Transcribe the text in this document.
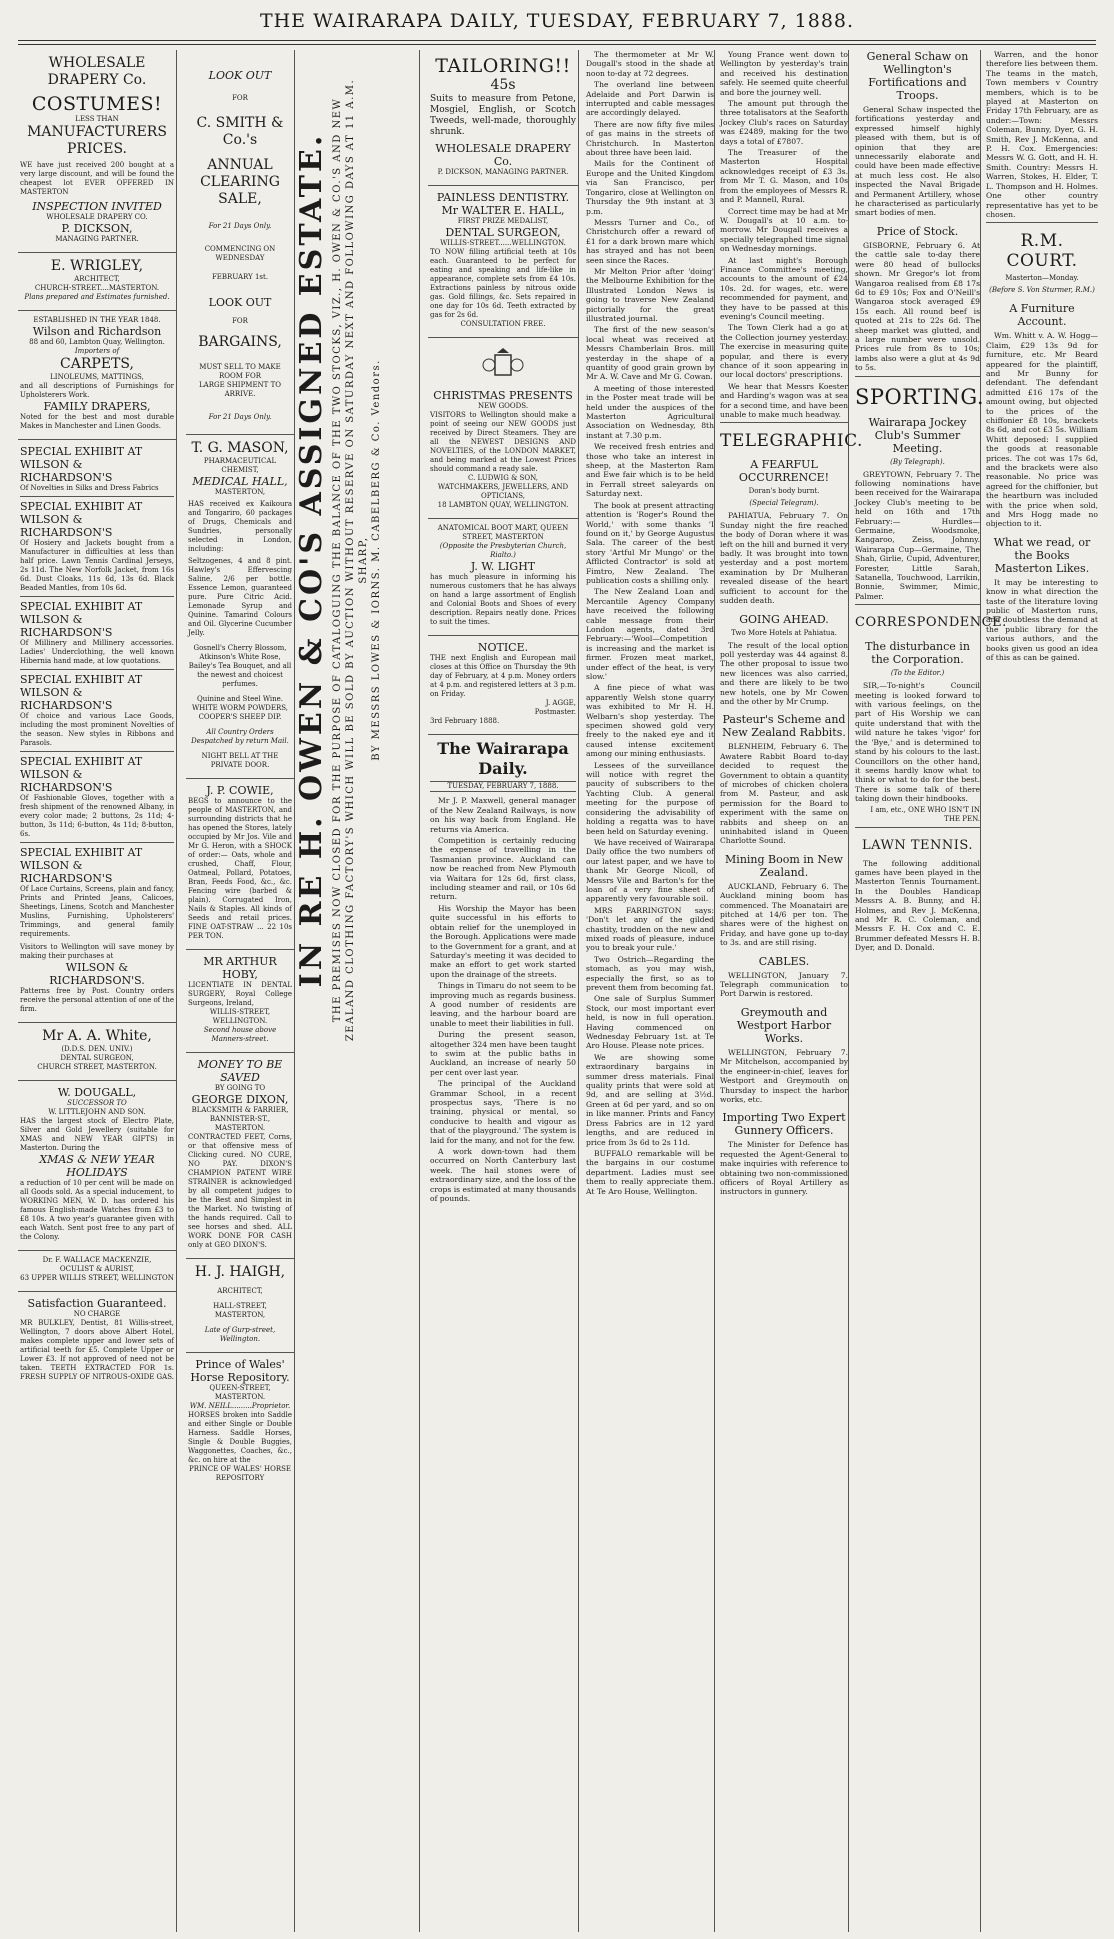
THE WAIRARAPA DAILY, TUESDAY, FEBRUARY 7, 1888.
WHOLESALE DRAPERY Co.
COSTUMES!
LESS THAN
MANUFACTURERS PRICES.
WE have just received 200 bought at a very large discount, and will be found the cheapest lot EVER OFFERED IN MASTERTON
INSPECTION INVITED
WHOLESALE DRAPERY CO.
P. DICKSON,
MANAGING PARTNER.
E. WRIGLEY,
ARCHITECT,
CHURCH-STREET....MASTERTON.
Plans prepared and Estimates furnished.
ESTABLISHED IN THE YEAR 1848.
Wilson and Richardson
88 and 60, Lambton Quay, Wellington.
Importers of
CARPETS,
LINOLEUMS, MATTINGS,
and all descriptions of Furnishings for Upholsterers Work.
FAMILY DRAPERS,
Noted for the best and most durable Makes in Manchester and Linen Goods.
SPECIAL EXHIBIT AT WILSON & RICHARDSON'S
Of Novelties in Silks and Dress Fabrics
SPECIAL EXHIBIT AT WILSON & RICHARDSON'S
Of Hosiery and Jackets bought from a Manufacturer in difficulties at less than half price. Lawn Tennis Cardinal Jerseys, 2s 11d. The New Norfolk Jacket, from 16s 6d. Dust Cloaks, 11s 6d, 13s 6d. Black Beaded Mantles, from 10s 6d.
SPECIAL EXHIBIT AT WILSON & RICHARDSON'S
Of Millinery and Millinery accessories. Ladies' Underclothing, the well known Hibernia hand made, at low quotations.
SPECIAL EXHIBIT AT WILSON & RICHARDSON'S
Of choice and various Lace Goods, including the most prominent Novelties of the season. New styles in Ribbons and Parasols.
SPECIAL EXHIBIT AT WILSON & RICHARDSON'S
Of Fashionable Gloves, together with a fresh shipment of the renowned Albany, in every color made; 2 buttons, 2s 11d; 4-button, 3s 11d; 6-button, 4s 11d; 8-button, 6s.
SPECIAL EXHIBIT AT WILSON & RICHARDSON'S
Of Lace Curtains, Screens, plain and fancy, Prints and Printed Jeans, Calicoes, Sheetings, Linens, Scotch and Manchester Muslins, Furnishing, Upholsterers' Trimmings, and general family requirements.
Visitors to Wellington will save money by making their purchases at
WILSON & RICHARDSON'S.
Patterns free by Post. Country orders receive the personal attention of one of the firm.
Mr A. A. White,
(D.D.S. DEN. UNIV.)
DENTAL SURGEON,
CHURCH STREET, MASTERTON.
W. DOUGALL,
SUCCESSOR TO
W. LITTLEJOHN AND SON.
HAS the largest stock of Electro Plate, Silver and Gold Jewellery (suitable for XMAS and NEW YEAR GIFTS) in Masterton. During the
XMAS & NEW YEAR HOLIDAYS
a reduction of 10 per cent will be made on all Goods sold. As a special inducement, to WORKING MEN, W. D. has ordered his famous English-made Watches from £3 to £8 10s. A two year's guarantee given with each Watch. Sent post free to any part of the Colony.
Dr. F. WALLACE MACKENZIE,
OCULIST & AURIST,
63 UPPER WILLIS STREET, WELLINGTON
Satisfaction Guaranteed.
NO CHARGE
MR BULKLEY, Dentist, 81 Willis-street, Wellington, 7 doors above Albert Hotel, makes complete upper and lower sets of artificial teeth for £5. Complete Upper or Lower £3. If not approved of need not be taken. TEETH EXTRACTED FOR 1s. FRESH SUPPLY OF NITROUS-OXIDE GAS.
LOOK OUT
FOR
C. SMITH & Co.'s
ANNUAL CLEARING SALE,
For 21 Days Only.
COMMENCING ON WEDNESDAY
FEBRUARY 1st.
LOOK OUT
FOR
BARGAINS,
MUST SELL TO MAKE ROOM FOR
LARGE SHIPMENT TO ARRIVE.
For 21 Days Only.
T. G. MASON,
PHARMACEUTICAL CHEMIST,
MEDICAL HALL,
MASTERTON,
HAS received ex Kaikoura and Tongariro, 60 packages of Drugs, Chemicals and Sundries, personally selected in London, including:
Seltzogenes, 4 and 8 pint. Hawley's Effervescing Saline, 2/6 per bottle. Essence Lemon, guaranteed pure. Pure Citric Acid. Lemonade Syrup and Quinine. Tamarind Colours and Oil. Glycerine Cucumber Jelly.
Gosnell's Cherry Blossom, Atkinson's White Rose, Bailey's Tea Bouquet, and all the newest and choicest perfumes.
Quinine and Steel Wine. WHITE WORM POWDERS, COOPER'S SHEEP DIP.
All Country Orders Despatched by return Mail.
NIGHT BELL AT THE PRIVATE DOOR.
J. P. COWIE,
BEGS to announce to the people of MASTERTON, and surrounding districts that he has opened the Stores, lately occupied by Mr Jos. Vile and Mr G. Heron, with a SHOCK of order:— Oats, whole and crushed, Chaff, Flour, Oatmeal, Pollard, Potatoes, Bran, Feeds Food, &c., &c. Fencing wire (barbed & plain). Corrugated Iron, Nails & Staples. All kinds of Seeds and retail prices. FINE OAT-STRAW ... 22 10s PER TON.
MR ARTHUR HOBY,
LICENTIATE IN DENTAL SURGERY, Royal College Surgeons, Ireland,
WILLIS-STREET, WELLINGTON.
Second house above Manners-street.
MONEY TO BE SAVED
BY GOING TO
GEORGE DIXON,
BLACKSMITH & FARRIER,
BANNISTER-ST., MASTERTON.
CONTRACTED FEET, Corns, or that offensive mess of Clicking cured. NO CURE, NO PAY. DIXON'S CHAMPION PATENT WIRE STRAINER is acknowledged by all competent judges to be the Best and Simplest in the Market. No twisting of the hands required. Call to see horses and shed. ALL WORK DONE FOR CASH only at GEO DIXON'S.
H. J. HAIGH,
ARCHITECT,
HALL-STREET, MASTERTON,
Late of Gurp-street, Wellington.
Prince of Wales' Horse Repository.
QUEEN-STREET, MASTERTON.
WM. NEILL.........Proprietor.
HORSES broken into Saddle and either Single or Double Harness. Saddle Horses, Single & Double Buggies, Waggonettes, Coaches, &c., &c. on hire at the
PRINCE OF WALES' HORSE REPOSITORY
IN RE H. OWEN & CO'S ASSIGNED ESTATE. THE PREMISES NOW CLOSED FOR THE PURPOSE OF CATALOGUING THE BALANCE OF THE TWO STOCKS, VIZ., H. OWEN & CO.'S AND NEW ZEALAND CLOTHING FACTORY'S WHICH WILL BE SOLD BY AUCTION WITHOUT RESERVE ON SATURDAY NEXT AND FOLLOWING DAYS AT 11 A.M. SHARP, BY MESSRS LOWES & IORNS. M. CABELBERG & Co. Vendors.
TAILORING!!
45s
Suits to measure from Petone, Mosgiel, English, or Scotch Tweeds, well-made, thoroughly shrunk.
WHOLESALE DRAPERY Co.
P. DICKSON, MANAGING PARTNER.
PAINLESS DENTISTRY.
Mr WALTER E. HALL,
FIRST PRIZE MEDALIST,
DENTAL SURGEON,
WILLIS-STREET......WELLINGTON.
TO NOW filling artificial teeth at 10s each. Guaranteed to be perfect for eating and speaking and life-like in appearance, complete sets from £4 10s. Extractions painless by nitrous oxide gas. Gold fillings, &c. Sets repaired in one day for 10s 6d. Teeth extracted by gas for 2s 6d.
CONSULTATION FREE.
CHRISTMAS PRESENTS
NEW GOODS.
VISITORS to Wellington should make a point of seeing our NEW GOODS just received by Direct Steamers. They are all the NEWEST DESIGNS AND NOVELTIES, of the LONDON MARKET, and being marked at the Lowest Prices should command a ready sale.
C. LUDWIG & SON,
WATCHMAKERS, JEWELLERS, AND OPTICIANS,
18 LAMBTON QUAY, WELLINGTON.
ANATOMICAL BOOT MART, QUEEN STREET, MASTERTON
(Opposite the Presbyterian Church, Rialto.)
J. W. LIGHT
has much pleasure in informing his numerous customers that he has always on hand a large assortment of English and Colonial Boots and Shoes of every description. Repairs neatly done. Prices to suit the times.
NOTICE.
THE next English and European mail closes at this Office on Thursday the 9th day of February, at 4 p.m. Money orders at 4 p.m. and registered letters at 3 p.m. on Friday.
J. AGGE,
Postmaster.
3rd February 1888.
The Wairarapa Daily.
TUESDAY, FEBRUARY 7, 1888.

Mr J. P. Maxwell, general manager of the New Zealand Railways, is now on his way back from England. He returns via America.

Competition is certainly reducing the expense of travelling in the Tasmanian province. Auckland can now be reached from New Plymouth via Waitara for 12s 6d, first class, including steamer and rail, or 10s 6d return.

His Worship the Mayor has been quite successful in his efforts to obtain relief for the unemployed in the Borough. Applications were made to the Government for a grant, and at Saturday's meeting it was decided to make an effort to get work started upon the drainage of the streets.

Things in Timaru do not seem to be improving much as regards business. A good number of residents are leaving, and the harbour board are unable to meet their liabilities in full.

During the present season, altogether 324 men have been taught to swim at the public baths in Auckland, an increase of nearly 50 per cent over last year.

The principal of the Auckland Grammar School, in a recent prospectus says, 'There is no training, physical or mental, so conducive to health and vigour as that of the playground.' The system is laid for the many, and not for the few.

A work down-town had them occurred on North Canterbury last week. The hail stones were of extraordinary size, and the loss of the crops is estimated at many thousands of pounds.

The thermometer at Mr W. Dougall's stood in the shade at noon to-day at 72 degrees.

The overland line between Adelaide and Port Darwin is interrupted and cable messages are accordingly delayed.

There are now fifty five miles of gas mains in the streets of Christchurch. In Masterton about three have been laid.

Mails for the Continent of Europe and the United Kingdom via San Francisco, per Tongariro, close at Wellington on Thursday the 9th instant at 3 p.m.

Messrs Turner and Co., of Christchurch offer a reward of £1 for a dark brown mare which has strayed and has not been seen since the Races.

Mr Melton Prior after 'doing' the Melbourne Exhibition for the Illustrated London News is going to traverse New Zealand pictorially for the great illustrated journal.

The first of the new season's local wheat was received at Messrs Chamberlain Bros. mill yesterday in the shape of a quantity of good grain grown by Mr A. W. Cave and Mr G. Cowan.

A meeting of those interested in the Poster meat trade will be held under the auspices of the Masterton Agricultural Association on Wednesday, 8th instant at 7.30 p.m.

We received fresh entries and those who take an interest in sheep, at the Masterton Ram and Ewe fair which is to be held in Ferrall street saleyards on Saturday next.

The book at present attracting attention is 'Roger's Round the World,' with some thanks 'I found on it,' by George Augustus Sala. The career of the best story 'Artful Mr Mungo' or the Afflicted Contractor' is sold at Fimtro, New Zealand. The publication costs a shilling only.

The New Zealand Loan and Mercantile Agency Company have received the following cable message from their London agents, dated 3rd February:—'Wool—Competition is increasing and the market is firmer. Frozen meat market, under effect of the heat, is very slow.'

A fine piece of what was apparently Welsh stone quarry was exhibited to Mr H. H. Welbarn's shop yesterday. The specimen showed gold very freely to the naked eye and it caused intense excitement among our mining enthusiasts.

Lessees of the surveillance will notice with regret the paucity of subscribers to the Yachting Club. A general meeting for the purpose of considering the advisability of holding a regatta was to have been held on Saturday evening.

We have received of Wairarapa Daily office the two numbers of our latest paper, and we have to thank Mr George Nicoll, of Messrs Vile and Barton's for the loan of a very fine sheet of apparently very favourable soil.

MRS FARRINGTON says: 'Don't let any of the gilded chastity, trodden on the new and mixed roads of pleasure, induce you to break your rule.'

Two Ostrich—Regarding the stomach, as you may wish, especially the first, so as to prevent them from becoming fat.

One sale of Surplus Summer Stock, our most important ever held, is now in full operation. Having commenced on Wednesday February 1st. at Te Aro House. Please note prices.

We are showing some extraordinary bargains in summer dress materials. Final quality prints that were sold at 9d, and are selling at 3½d. Green at 6d per yard, and so on in like manner. Prints and Fancy Dress Fabrics are in 12 yard lengths, and are reduced in price from 3s 6d to 2s 11d.

BUFFALO remarkable will be the bargains in our costume department. Ladies must see them to really appreciate them. At Te Aro House, Wellington.

Young France went down to Wellington by yesterday's train and received his destination safely. He seemed quite cheerful and bore the journey well.

The amount put through the three totalisators at the Seaforth Jockey Club's races on Saturday was £2489, making for the two days a total of £7807.

The Treasurer of the Masterton Hospital acknowledges receipt of £3 3s. from Mr T. G. Mason, and 10s from the employees of Messrs R. and P. Mannell, Rural.

Correct time may be had at Mr W. Dougall's at 10 a.m. to-morrow. Mr Dougall receives a specially telegraphed time signal on Wednesday mornings.

At last night's Borough Finance Committee's meeting, accounts to the amount of £24 10s. 2d. for wages, etc. were recommended for payment, and they have to be passed at this evening's Council meeting.

The Town Clerk had a go at the Collection journey yesterday. The exercise in measuring quite popular, and there is every chance of it soon appearing in our local doctors' prescriptions.

We hear that Messrs Koester and Harding's wagon was at sea for a second time, and have been unable to make much headway.

TELEGRAPHIC.
A FEARFUL OCCURRENCE!
Doran's body burnt.
(Special Telegram).

PAHIATUA, February 7. On Sunday night the fire reached the body of Doran where it was left on the hill and burned it very badly. It was brought into town yesterday and a post mortem examination by Dr Mulheran revealed disease of the heart sufficient to account for the sudden death.

GOING AHEAD.
Two More Hotels at Pahiatua.

The result of the local option poll yesterday was 44 against 8. The other proposal to issue two new licences was also carried, and there are likely to be two new hotels, one by Mr Cowen and the other by Mr Crump.

Pasteur's Scheme and New Zealand Rabbits.

BLENHEIM, February 6. The Awatere Rabbit Board to-day decided to request the Government to obtain a quantity of microbes of chicken cholera from M. Pasteur, and ask permission for the Board to experiment with the same on rabbits and sheep on an uninhabited island in Queen Charlotte Sound.

Mining Boom in New Zealand.

AUCKLAND, February 6. The Auckland mining boom has commenced. The Moanatairi are pitched at 14/6 per ton. The shares were of the highest on Friday, and have gone up to-day to 3s. and are still rising.

CABLES.

WELLINGTON, January 7. Telegraph communication to Port Darwin is restored.

Greymouth and Westport Harbor Works.

WELLINGTON, February 7. Mr Mitchelson, accompanied by the engineer-in-chief, leaves for Westport and Greymouth on Thursday to inspect the harbor works, etc.

Importing Two Expert Gunnery Officers.

The Minister for Defence has requested the Agent-General to make inquiries with reference to obtaining two non-commissioned officers of Royal Artillery as instructors in gunnery.

General Schaw on Wellington's Fortifications and Troops.

General Schaw inspected the fortifications yesterday and expressed himself highly pleased with them, but is of opinion that they are unnecessarily elaborate and could have been made effective at much less cost. He also inspected the Naval Brigade and Permanent Artillery, whose he characterised as particularly smart bodies of men.

Price of Stock.

GISBORNE, February 6. At the cattle sale to-day there were 80 head of bullocks shown. Mr Gregor's lot from Wangaroa realised from £8 17s 6d to £9 10s; Fox and O'Neill's Wangaroa stock averaged £9 15s each. All round beef is quoted at 21s to 22s 6d. The sheep market was glutted, and a large number were unsold. Prices rule from 8s to 10s; lambs also were a glut at 4s 9d to 5s.

SPORTING.
Wairarapa Jockey Club's Summer Meeting.
(By Telegraph).

GREYTOWN, February 7. The following nominations have been received for the Wairarapa Jockey Club's meeting to be held on 16th and 17th February:— Hurdles—Germaine, Woodsmoke, Kangaroo, Zeiss, Johnny. Wairarapa Cup—Germaine, The Shah, Girlie, Cupid, Adventurer, Forester, Little Sarah, Satanella, Touchwood, Larrikin, Bonnie, Swimmer, Mimic, Palmer.

CORRESPONDENCE.
The disturbance in the Corporation.
(To the Editor.)

SIR,—To-night's Council meeting is looked forward to with various feelings, on the part of His Worship we can quite understand that with the wild nature he takes 'vigor' for the 'Bye,' and is determined to stand by his colours to the last. Councillors on the other hand, it seems hardly know what to think or what to do for the best. There is some talk of there taking down their hindbooks.

I am, etc., ONE WHO ISN'T IN THE PEN.
LAWN TENNIS.

The following additional games have been played in the Masterton Tennis Tournament. In the Doubles Handicap Messrs A. B. Bunny, and H. Holmes, and Rev J. McKenna, and Mr R. C. Coleman, and Messrs F. H. Cox and C. E. Brummer defeated Messrs H. B. Dyer, and D. Donald.

Warren, and the honor therefore lies between them. The teams in the match, Town members v Country members, which is to be played at Masterton on Friday 17th February, are as under:—Town: Messrs Coleman, Bunny, Dyer, G. H. Smith, Rev J. McKenna, and P. H. Cox. Emergencies: Messrs W. G. Gott, and H. H. Smith. Country: Messrs H. Warren, Stokes, H. Elder, T. L. Thompson and H. Holmes. One other country representative has yet to be chosen.

R.M. COURT.
Masterton—Monday.
(Before S. Von Sturmer, R.M.)
A Furniture Account.

Wm. Whitt v. A. W. Hogg—Claim, £29 13s 9d for furniture, etc. Mr Beard appeared for the plaintiff, and Mr Bunny for defendant. The defendant admitted £16 17s of the amount owing, but objected to the prices of the chiffonier £8 10s, brackets 8s 6d, and cot £3 5s. William Whitt deposed: I supplied the goods at reasonable prices. The cot was 17s 6d, and the brackets were also reasonable. No price was agreed for the chiffonier, but the heartburn was included with the price when sold, and Mrs Hogg made no objection to it.

What we read, or the Books Masterton Likes.

It may be interesting to know in what direction the taste of the literature loving public of Masterton runs, and doubtless the demand at the public library for the various authors, and the books given us good an idea of this as can be gained.
